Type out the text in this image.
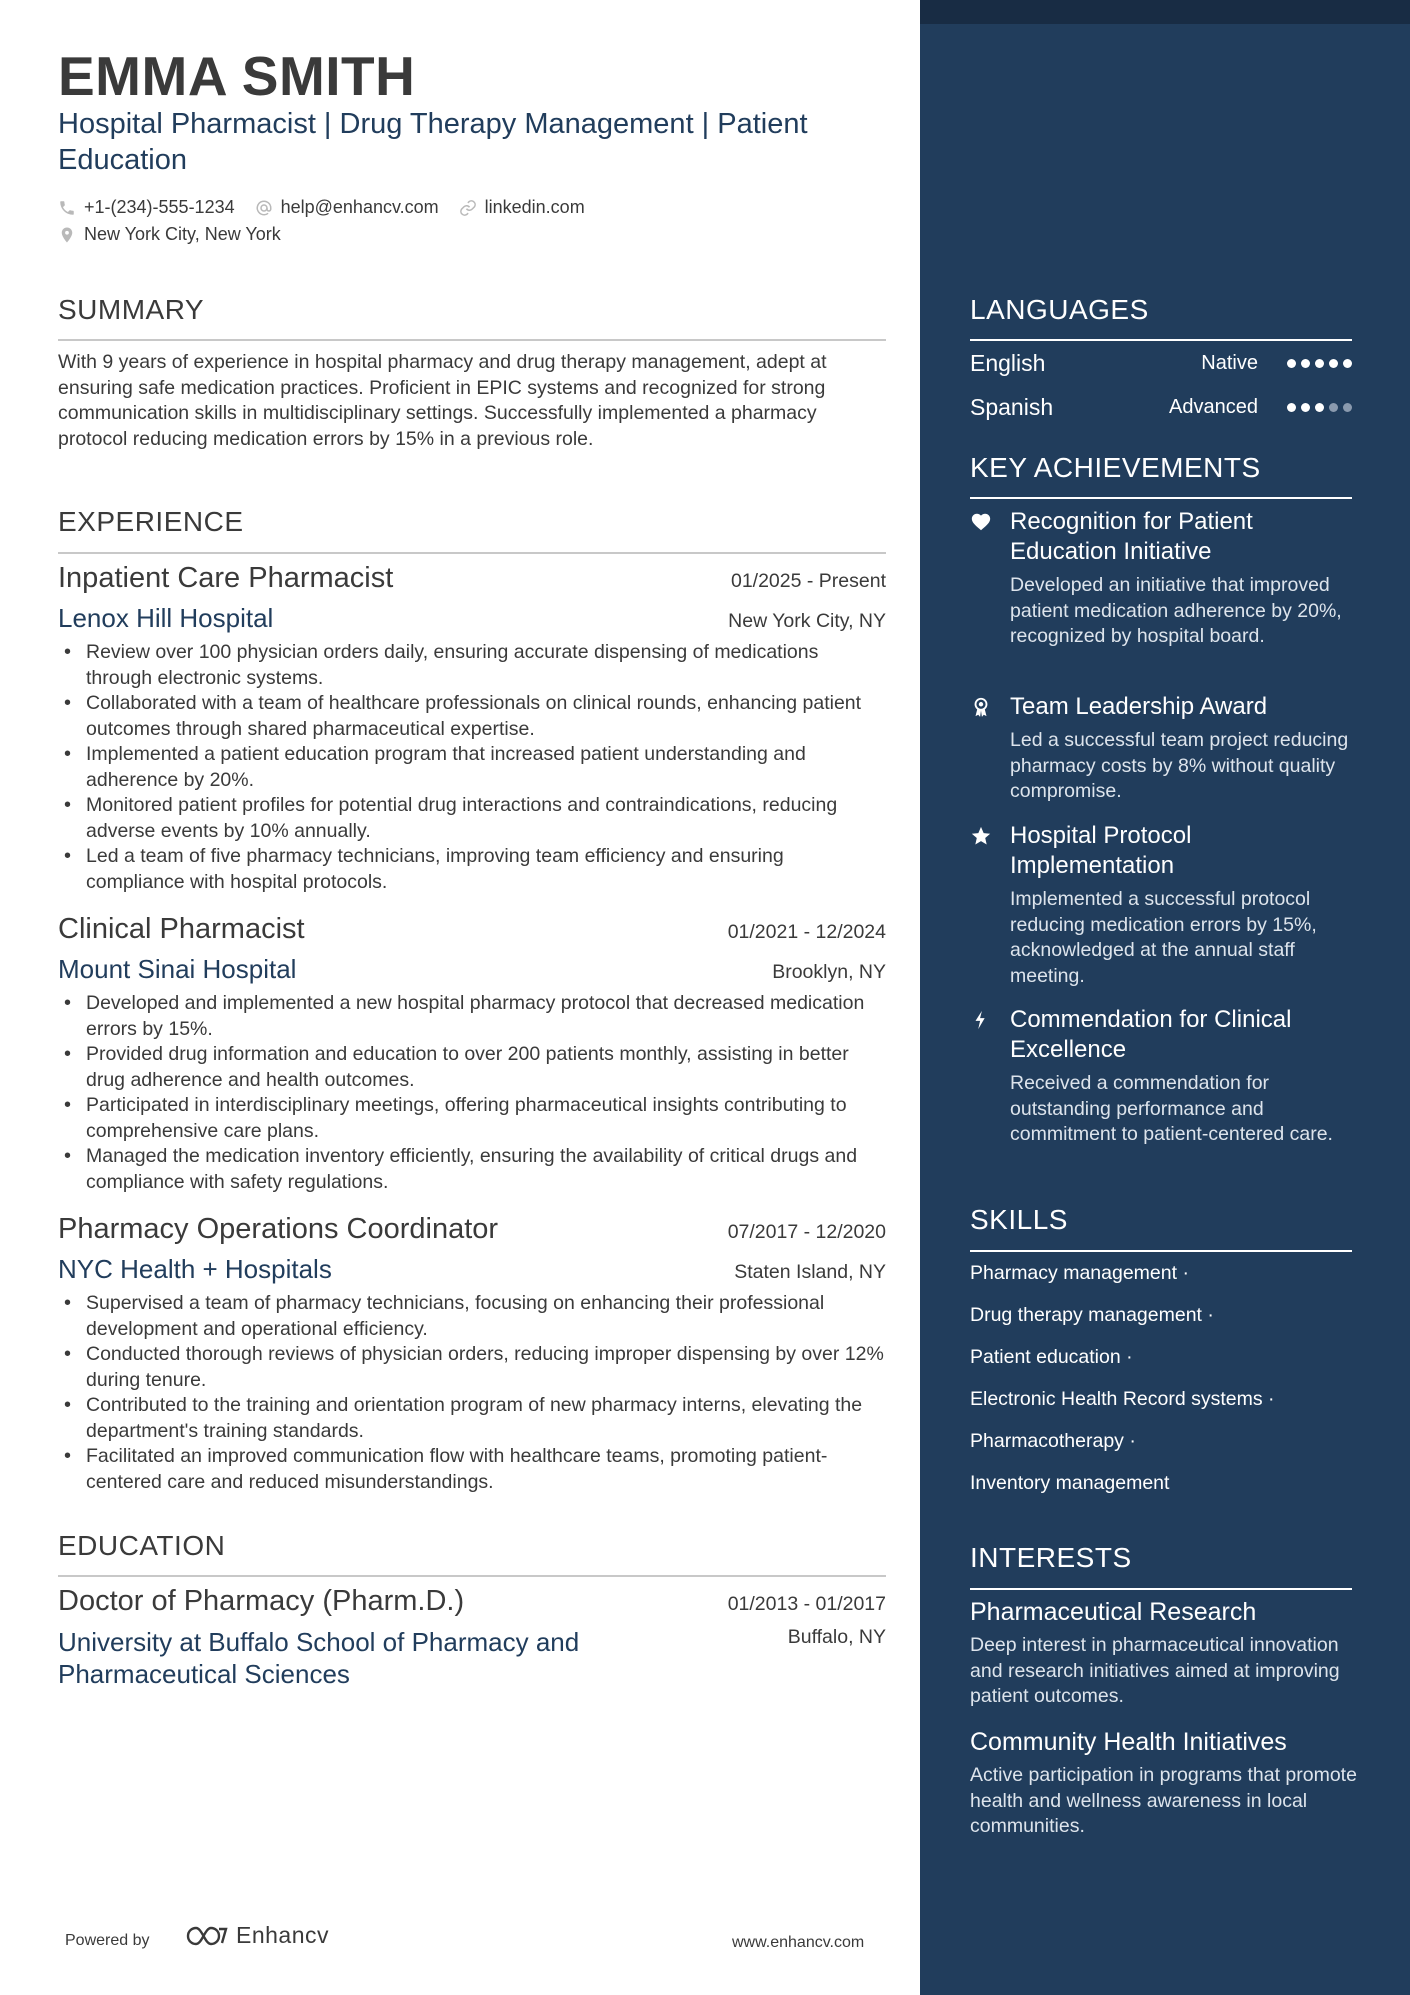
EMMA SMITH
Hospital Pharmacist | Drug Therapy Management | Patient Education
+1-(234)-555-1234	help@enhancv.com	linkedin.com
New York City, New York
SUMMARY
With 9 years of experience in hospital pharmacy and drug therapy management, adept at ensuring safe medication practices. Proficient in EPIC systems and recognized for strong communication skills in multidisciplinary settings. Successfully implemented a pharmacy protocol reducing medication errors by 15% in a previous role.
EXPERIENCE
Inpatient Care Pharmacist	01/2025 - Present
Lenox Hill Hospital	New York City, NY
• Review over 100 physician orders daily, ensuring accurate dispensing of medications through electronic systems.
• Collaborated with a team of healthcare professionals on clinical rounds, enhancing patient outcomes through shared pharmaceutical expertise.
• Implemented a patient education program that increased patient understanding and adherence by 20%.
• Monitored patient profiles for potential drug interactions and contraindications, reducing adverse events by 10% annually.
• Led a team of five pharmacy technicians, improving team efficiency and ensuring compliance with hospital protocols.
Clinical Pharmacist	01/2021 - 12/2024
Mount Sinai Hospital	Brooklyn, NY
• Developed and implemented a new hospital pharmacy protocol that decreased medication errors by 15%.
• Provided drug information and education to over 200 patients monthly, assisting in better drug adherence and health outcomes.
• Participated in interdisciplinary meetings, offering pharmaceutical insights contributing to comprehensive care plans.
• Managed the medication inventory efficiently, ensuring the availability of critical drugs and compliance with safety regulations.
Pharmacy Operations Coordinator	07/2017 - 12/2020
NYC Health + Hospitals	Staten Island, NY
• Supervised a team of pharmacy technicians, focusing on enhancing their professional development and operational efficiency.
• Conducted thorough reviews of physician orders, reducing improper dispensing by over 12% during tenure.
• Contributed to the training and orientation program of new pharmacy interns, elevating the department's training standards.
• Facilitated an improved communication flow with healthcare teams, promoting patient-centered care and reduced misunderstandings.
EDUCATION
Doctor of Pharmacy (Pharm.D.)	01/2013 - 01/2017
University at Buffalo School of Pharmacy and Pharmaceutical Sciences
Buffalo, NY
Powered by	Enhancv	www.enhancv.com
LANGUAGES
English	Native
Spanish	Advanced
KEY ACHIEVEMENTS
Recognition for Patient Education Initiative
Developed an initiative that improved patient medication adherence by 20%, recognized by hospital board.
Team Leadership Award
Led a successful team project reducing pharmacy costs by 8% without quality compromise.
Hospital Protocol Implementation
Implemented a successful protocol reducing medication errors by 15%, acknowledged at the annual staff meeting.
Commendation for Clinical Excellence
Received a commendation for outstanding performance and commitment to patient-centered care.
SKILLS
Pharmacy management ·
Drug therapy management ·
Patient education ·
Electronic Health Record systems ·
Pharmacotherapy ·
Inventory management
INTERESTS
Pharmaceutical Research
Deep interest in pharmaceutical innovation and research initiatives aimed at improving patient outcomes.
Community Health Initiatives
Active participation in programs that promote health and wellness awareness in local communities.
